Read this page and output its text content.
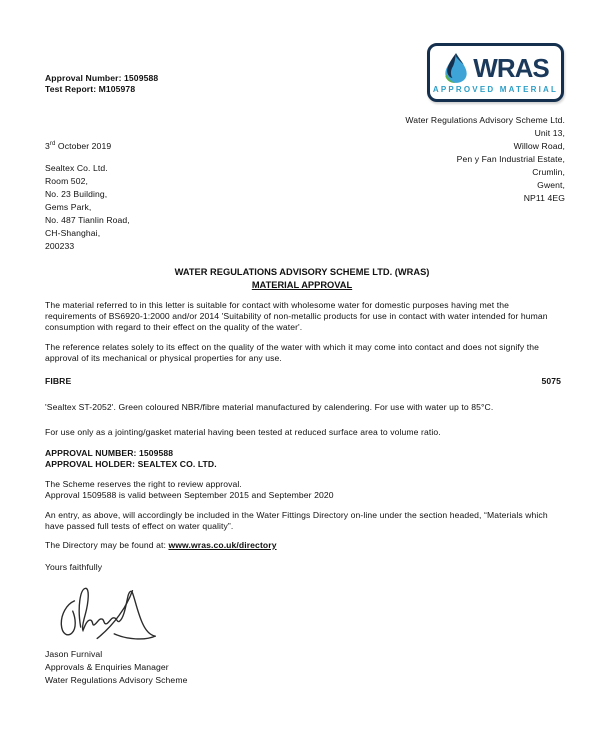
Approval Number: 1509588
Test Report: M105978
WRAS
APPROVED MATERIAL
Water Regulations Advisory Scheme Ltd.
Unit 13,
Willow Road,
Pen y Fan Industrial Estate,
Crumlin,
Gwent,
NP11 4EG
3rd October 2019
Sealtex Co. Ltd.
Room 502,
No. 23 Building,
Gems Park,
No. 487 Tianlin Road,
CH-Shanghai,
200233
WATER REGULATIONS ADVISORY SCHEME LTD. (WRAS)
MATERIAL APPROVAL
The material referred to in this letter is suitable for contact with wholesome water for domestic purposes having met the requirements of BS6920-1:2000 and/or 2014 'Suitability of non-metallic products for use in contact with water intended for human consumption with regard to their effect on the quality of the water'.
The reference relates solely to its effect on the quality of the water with which it may come into contact and does not signify the approval of its mechanical or physical properties for any use.
FIBRE	5075
'Sealtex ST-2052'. Green coloured NBR/fibre material manufactured by calendering. For use with water up to 85°C.
For use only as a jointing/gasket material having been tested at reduced surface area to volume ratio.
APPROVAL NUMBER: 1509588
APPROVAL HOLDER: SEALTEX CO. LTD.
The Scheme reserves the right to review approval.
Approval 1509588 is valid between September 2015 and September 2020
An entry, as above, will accordingly be included in the Water Fittings Directory on-line under the section headed, “Materials which have passed full tests of effect on water quality”.
The Directory may be found at: www.wras.co.uk/directory
Yours faithfully
Jason Furnival
Approvals & Enquiries Manager
Water Regulations Advisory Scheme
